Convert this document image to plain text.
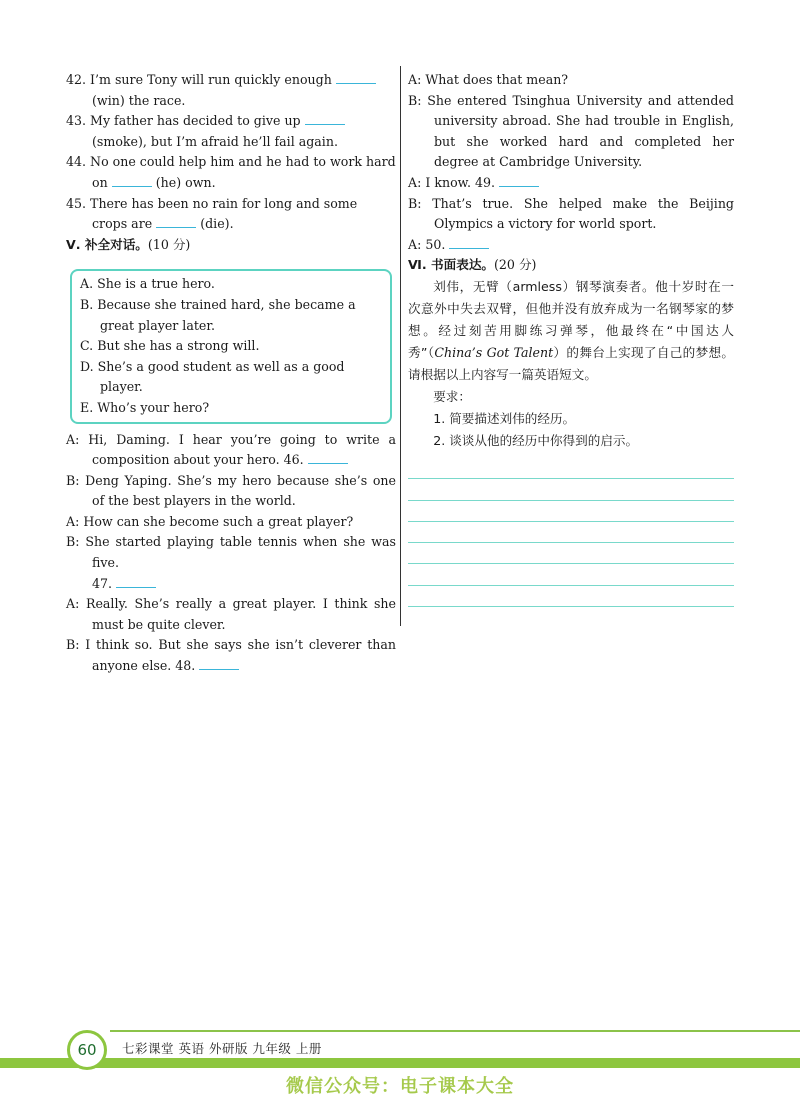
42. I’m sure Tony will run quickly enough
(win) the race.
43. My father has decided to give up  (smoke), but I’m afraid he’ll fail again.
44. No one could help him and he had to work hard on	(he) own.
45. There has been no rain for long and some crops are	(die).
Ⅴ. 补全对话。(10 分)
A. She is a true hero.
B. Because she trained hard, she became a great player later.
C. But she has a strong will.
D. She’s a good student as well as a good player.
E. Who’s your hero?
A: Hi, Daming. I hear you’re going to write a composition about your hero. 46.
B: Deng Yaping. She’s my hero because she’s one of the best players in the world.
A: How can she become such a great player?
B: She started playing table tennis when she was five.
47.
A: Really. She’s really a great player. I think she must be quite clever.
B: I think so. But she says she isn’t cleverer than anyone else. 48.
A: What does that mean?
B: She entered Tsinghua University and attended university abroad. She had trouble in English, but she worked hard and completed her degree at Cambridge University.
A: I know. 49.
B: That’s true. She helped make the Beijing Olympics a victory for world sport.
A: 50.
Ⅵ. 书面表达。(20 分)
刘伟，无臂（armless）钢琴演奏者。他十岁时在一次意外中失去双臂，但他并没有放弃成为一名钢琴家的梦想。经过刻苦用脚练习弹琴，他最终在“中国达人秀”（China’s Got Talent）的舞台上实现了自己的梦想。请根据以上内容写一篇英语短文。
要求：
1. 简要描述刘伟的经历。
2. 谈谈从他的经历中你得到的启示。
60	七彩课堂 英语 外研版 九年级 上册
微信公众号：电子课本大全
